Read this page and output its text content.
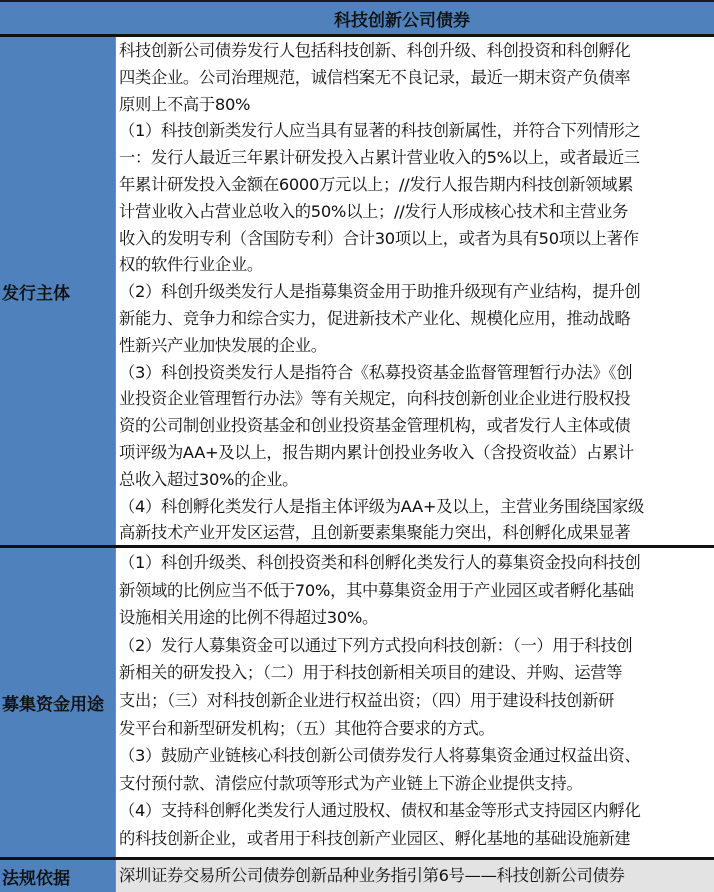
科技创新公司债券
发行主体
科技创新公司债券发行人包括科技创新、科创升级、科创投资和科创孵化
四类企业。公司治理规范，诚信档案无不良记录，最近一期末资产负债率
原则上不高于80%
（1）科技创新类发行人应当具有显著的科技创新属性，并符合下列情形之
一：发行人最近三年累计研发投入占累计营业收入的5%以上，或者最近三
年累计研发投入金额在6000万元以上；//发行人报告期内科技创新领域累
计营业收入占营业总收入的50%以上；//发行人形成核心技术和主营业务
收入的发明专利（含国防专利）合计30项以上，或者为具有50项以上著作
权的软件行业企业。
（2）科创升级类发行人是指募集资金用于助推升级现有产业结构，提升创
新能力、竞争力和综合实力，促进新技术产业化、规模化应用，推动战略
性新兴产业加快发展的企业。
（3）科创投资类发行人是指符合《私募投资基金监督管理暂行办法》《创
业投资企业管理暂行办法》等有关规定，向科技创新创业企业进行股权投
资的公司制创业投资基金和创业投资基金管理机构，或者发行人主体或债
项评级为AA+及以上，报告期内累计创投业务收入（含投资收益）占累计
总收入超过30%的企业。
（4）科创孵化类发行人是指主体评级为AA+及以上，主营业务围绕国家级
高新技术产业开发区运营，且创新要素集聚能力突出，科创孵化成果显著
募集资金用途
（1）科创升级类、科创投资类和科创孵化类发行人的募集资金投向科技创
新领域的比例应当不低于70%，其中募集资金用于产业园区或者孵化基础
设施相关用途的比例不得超过30%。
（2）发行人募集资金可以通过下列方式投向科技创新：（一）用于科技创
新相关的研发投入；（二）用于科技创新相关项目的建设、并购、运营等
支出；（三）对科技创新企业进行权益出资；（四）用于建设科技创新研
发平台和新型研发机构；（五）其他符合要求的方式。
（3）鼓励产业链核心科技创新公司债券发行人将募集资金通过权益出资、
支付预付款、清偿应付款项等形式为产业链上下游企业提供支持。
（4）支持科创孵化类发行人通过股权、债权和基金等形式支持园区内孵化
的科技创新企业，或者用于科技创新产业园区、孵化基地的基础设施新建
法规依据	深圳证券交易所公司债券创新品种业务指引第6号——科技创新公司债券
